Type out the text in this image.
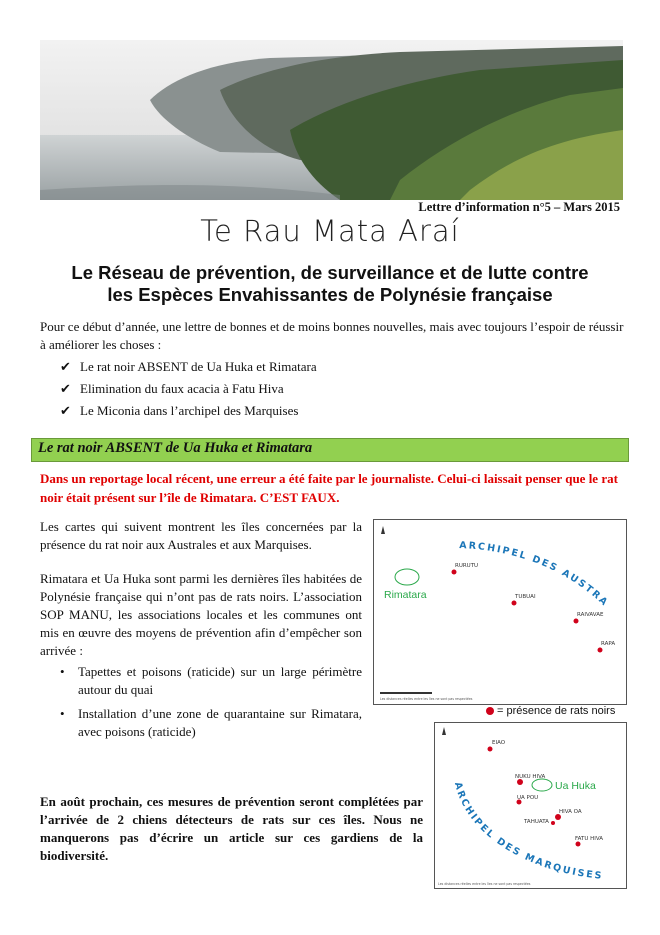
Lettre d’information n°5 – Mars 2015
Te Rau Mata Araí
Le Réseau de prévention, de surveillance et de lutte contre
les Espèces Envahissantes de Polynésie française
Pour ce début d’année, une lettre de bonnes et de moins bonnes nouvelles, mais avec toujours l’espoir de réussir à améliorer les choses :
✔ Le rat noir ABSENT de Ua Huka et Rimatara
✔ Elimination du faux acacia à Fatu Hiva
✔ Le Miconia dans l’archipel des Marquises
Le rat noir ABSENT de Ua Huka et Rimatara
Dans un reportage local récent, une erreur a été faite par le journaliste. Celui-ci laissait penser que le rat noir était présent sur l’île de Rimatara. C’EST FAUX.
Les cartes qui suivent montrent les îles concernées par la présence du rat noir aux Australes et aux Marquises.
Rimatara et Ua Huka sont parmi les dernières îles habitées de Polynésie française qui n’ont pas de rats noirs. L’association SOP MANU, les associations locales et les communes ont mis en œuvre des moyens de prévention afin d’empêcher son arrivée :
• Tapettes et poisons (raticide) sur un large périmètre autour du quai
• Installation d’une zone de quarantaine sur Rimatara, avec poisons (raticide)
En août prochain, ces mesures de prévention seront complétées par l’arrivée de 2 chiens détecteurs de rats sur ces îles. Nous ne manquerons pas d’écrire un article sur ces gardiens de la biodiversité.
ARCHIPEL DES AUSTRA
Rimatara
RURUTU
TUBUAI
RAIVAVAE
RAPA
Les distances réelles entre les îles ne sont pas respectées
= présence de rats noirs
ARCHIPEL DES MARQUISES
EIAO
NUKU HIVA
Ua Huka
UA POU
HIVA OA
TAHUATA
FATU HIVA
Les distances réelles entre les îles ne sont pas respectées
